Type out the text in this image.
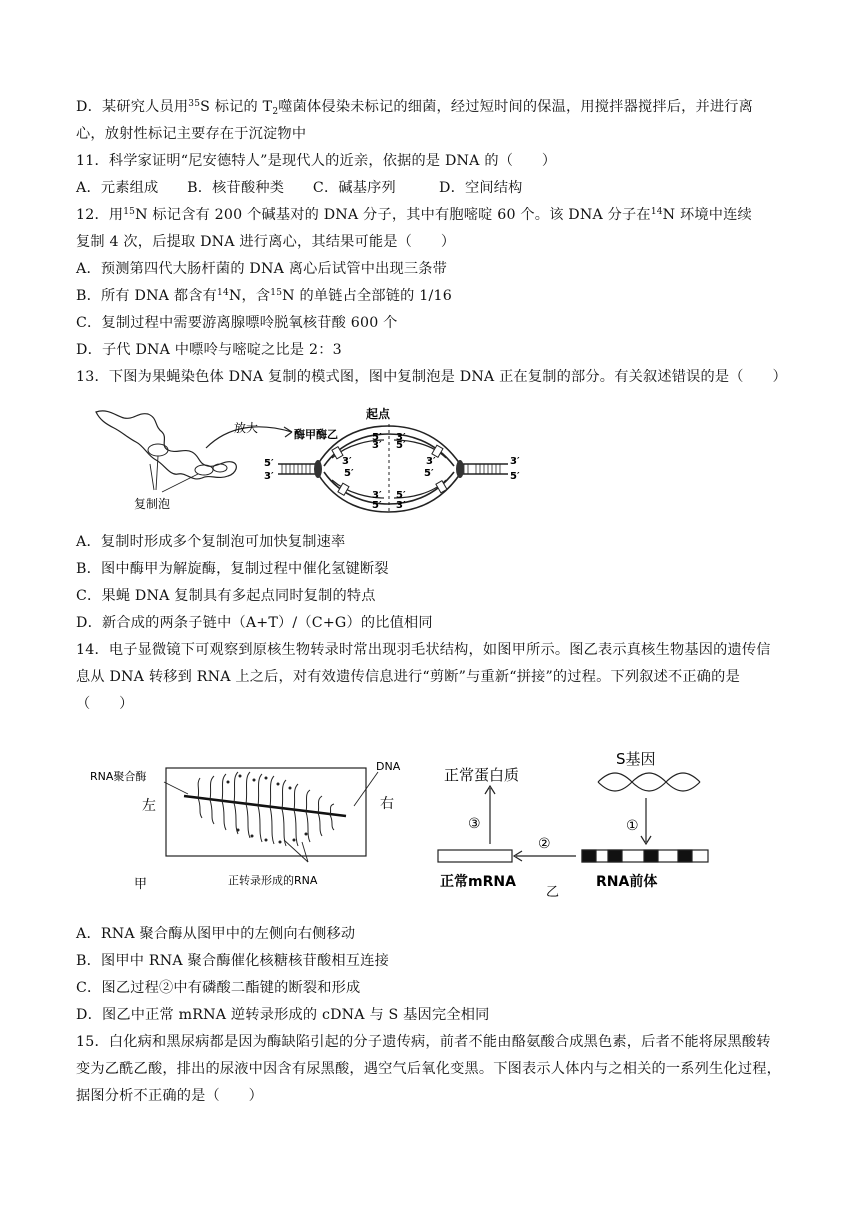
D．某研究人员用$^{35}$S 标记的 $T_2$噬菌体侵染未标记的细菌，经过短时间的保温，用搅拌器搅拌后，并进行离
心，放射性标记主要存在于沉淀物中
11．科学家证明“尼安德特人”是现代人的近亲，依据的是 DNA 的（　　）
A．元素组成　　B．核苷酸种类　　C．碱基序列　　　D．空间结构
12．用$^{15}$N 标记含有 200 个碱基对的 DNA 分子，其中有胞嘧啶 60 个。该 DNA 分子在$^{14}$N 环境中连续
复制 4 次，后提取 DNA 进行离心，其结果可能是（　　）
A．预测第四代大肠杆菌的 DNA 离心后试管中出现三条带
B．所有 DNA 都含有$^{14}$N，含$^{15}$N 的单链占全部链的 1/16
C．复制过程中需要游离腺嘌呤脱氧核苷酸 600 个
D．子代 DNA 中嘌呤与嘧啶之比是 2：3
13．下图为果蝇染色体 DNA 复制的模式图，图中复制泡是 DNA 正在复制的部分。有关叙述错误的是（　　）
复制泡
放大
起点
酶甲酶乙
5′
3′
3′
5′
5′ 3′
3′ 5′
3′ 5′
5′ 3′
3′
5′
3′
5′
A．复制时形成多个复制泡可加快复制速率
B．图中酶甲为解旋酶，复制过程中催化氢键断裂
C．果蝇 DNA 复制具有多起点同时复制的特点
D．新合成的两条子链中（A+T）/（C+G）的比值相同
14．电子显微镜下可观察到原核生物转录时常出现羽毛状结构，如图甲所示。图乙表示真核生物基因的遗传信
息从 DNA 转移到 RNA 上之后，对有效遗传信息进行“剪断”与重新“拼接”的过程。下列叙述不正确的是
（　　）
RNA聚合酶
DNA
左	右
正转录形成的RNA
甲
S基因
①
RNA前体
②
正常mRNA
乙
③
正常蛋白质
A．RNA 聚合酶从图甲中的左侧向右侧移动
B．图甲中 RNA 聚合酶催化核糖核苷酸相互连接
C．图乙过程②中有磷酸二酯键的断裂和形成
D．图乙中正常 mRNA 逆转录形成的 cDNA 与 S 基因完全相同
15．白化病和黑尿病都是因为酶缺陷引起的分子遗传病，前者不能由酪氨酸合成黑色素，后者不能将尿黑酸转
变为乙酰乙酸，排出的尿液中因含有尿黑酸，遇空气后氧化变黑。下图表示人体内与之相关的一系列生化过程，
据图分析不正确的是（　　）
